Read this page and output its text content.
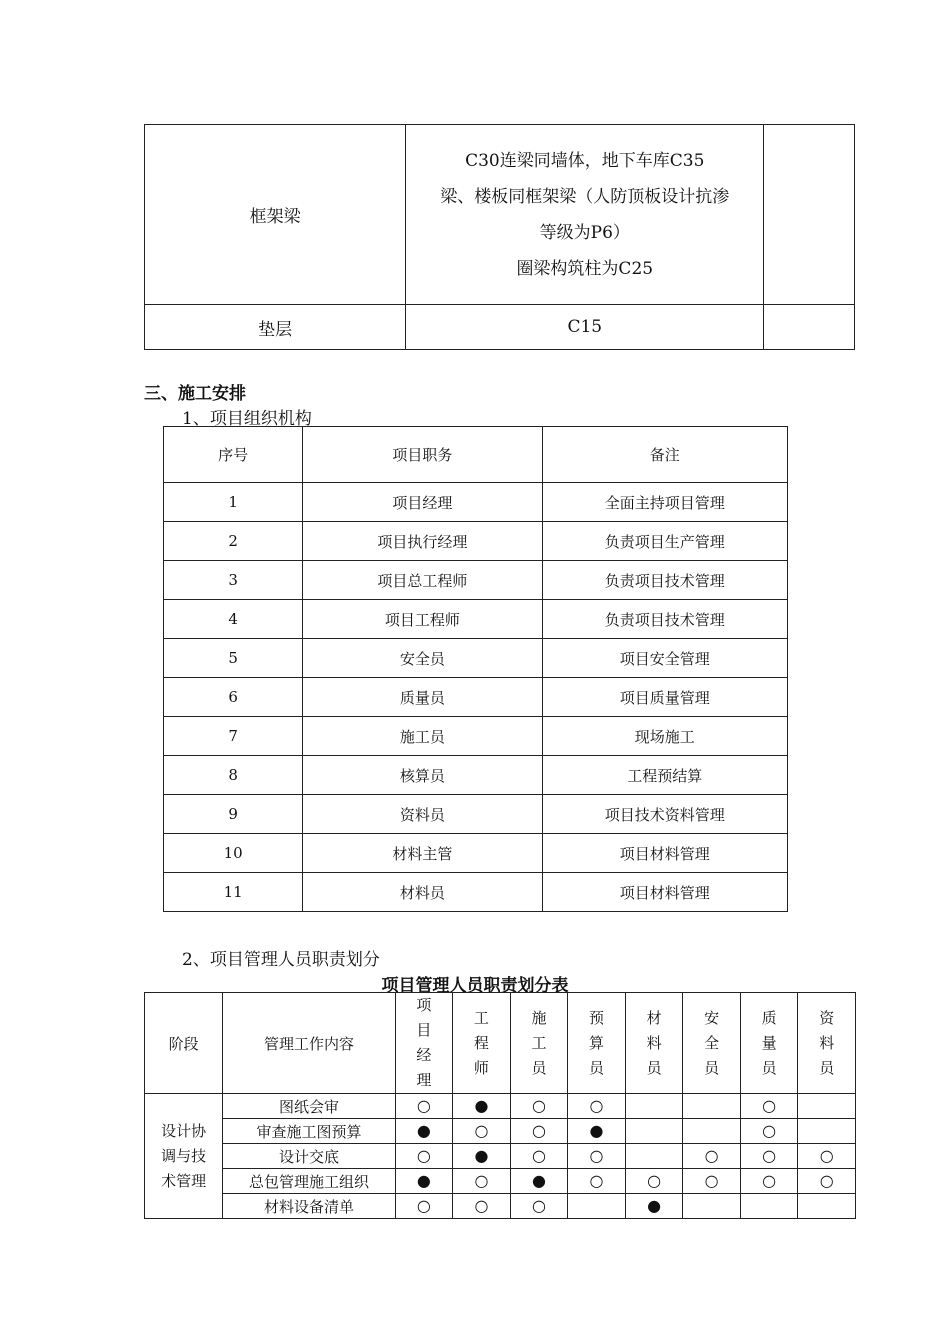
框架梁	C30连梁同墙体，地下车库C35
梁、楼板同框架梁（人防顶板设计抗渗
等级为P6）
圈梁构筑柱为C25	

垫层	C15	
三、施工安排
1、项目组织机构
序号	项目职务	备注
1	项目经理	全面主持项目管理
2	项目执行经理	负责项目生产管理
3	项目总工程师	负责项目技术管理
4	项目工程师	负责项目技术管理
5	安全员	项目安全管理
6	质量员	项目质量管理
7	施工员	现场施工
8	核算员	工程预结算
9	资料员	项目技术资料管理
10	材料主管	项目材料管理
11	材料员	项目材料管理
2、项目管理人员职责划分
项目管理人员职责划分表
阶段	管理工作内容	项
目
经
理	工
程
师	施
工
员	预
算
员	材
料
员	安
全
员	质
量
员	资
料
员

设计协
调与技
术管理	图纸会审	○	●	○	○			○	
	审查施工图预算	●	○	○	●			○	
	设计交底	○	●	○	○		○	○	○
	总包管理施工组织	●	○	●	○	○	○	○	○
	材料设备清单	○	○	○		●			
